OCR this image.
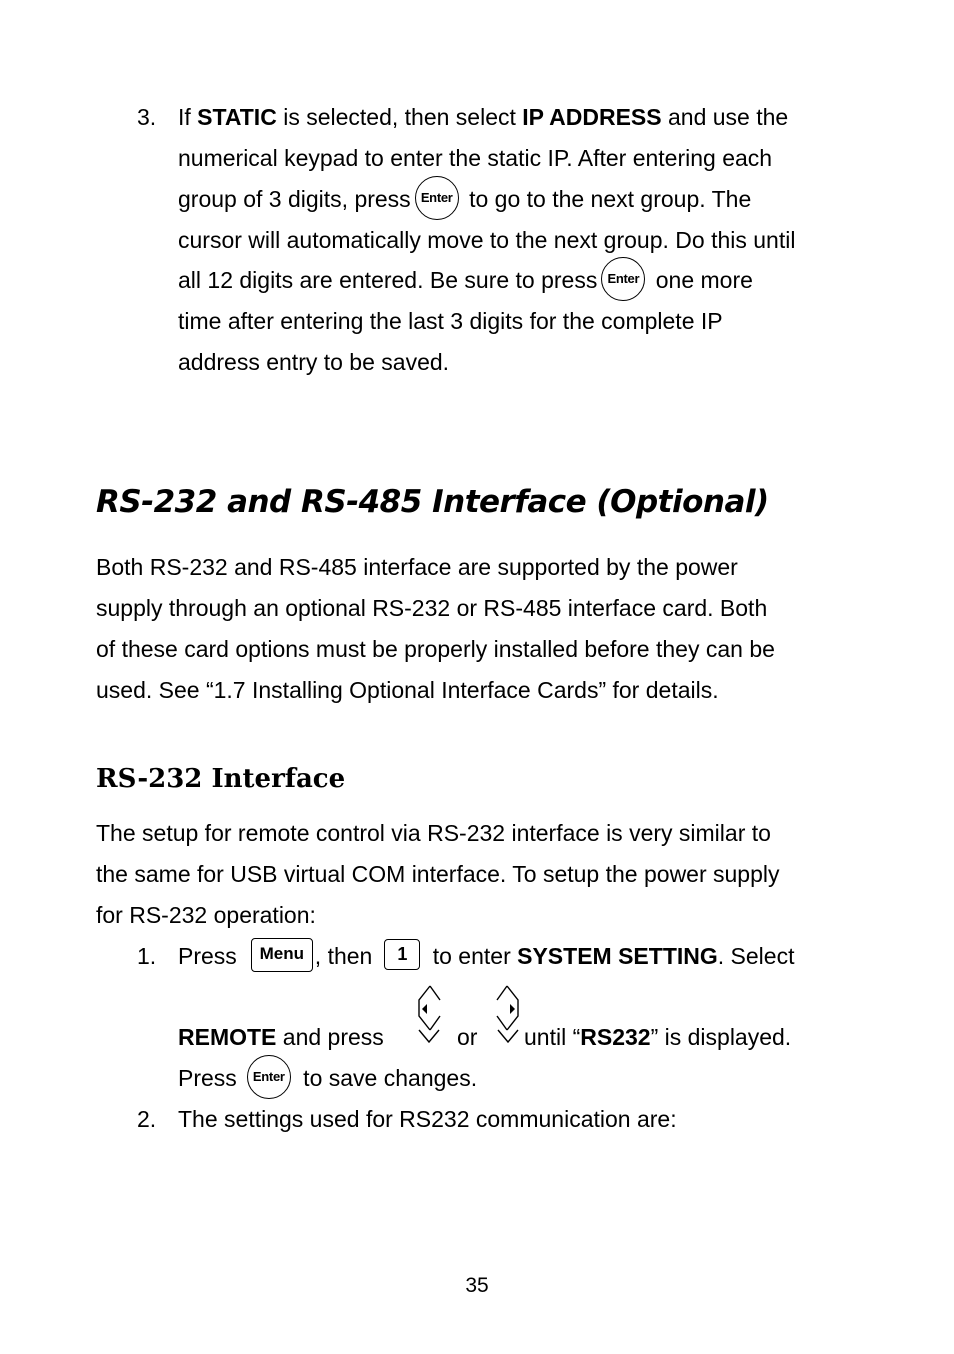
3. If STATIC is selected, then select IP ADDRESS and use the

numerical keypad to enter the static IP. After entering each

group of 3 digits, press Enter to go to the next group. The

cursor will automatically move to the next group. Do this until

all 12 digits are entered. Be sure to press Enter one more

time after entering the last 3 digits for the complete IP

address entry to be saved.

RS-232 and RS-485 Interface (Optional)

Both RS-232 and RS-485 interface are supported by the power

supply through an optional RS-232 or RS-485 interface card. Both

of these card options must be properly installed before they can be

used. See “1.7 Installing Optional Interface Cards” for details.

RS-232 Interface

The setup for remote control via RS-232 interface is very similar to

the same for USB virtual COM interface. To setup the power supply

for RS-232 operation:

1. Press Menu , then 1 to enter SYSTEM SETTING. Select

REMOTE and press	or until “RS232” is displayed.

Press Enter to save changes.

2. The settings used for RS232 communication are:

35
